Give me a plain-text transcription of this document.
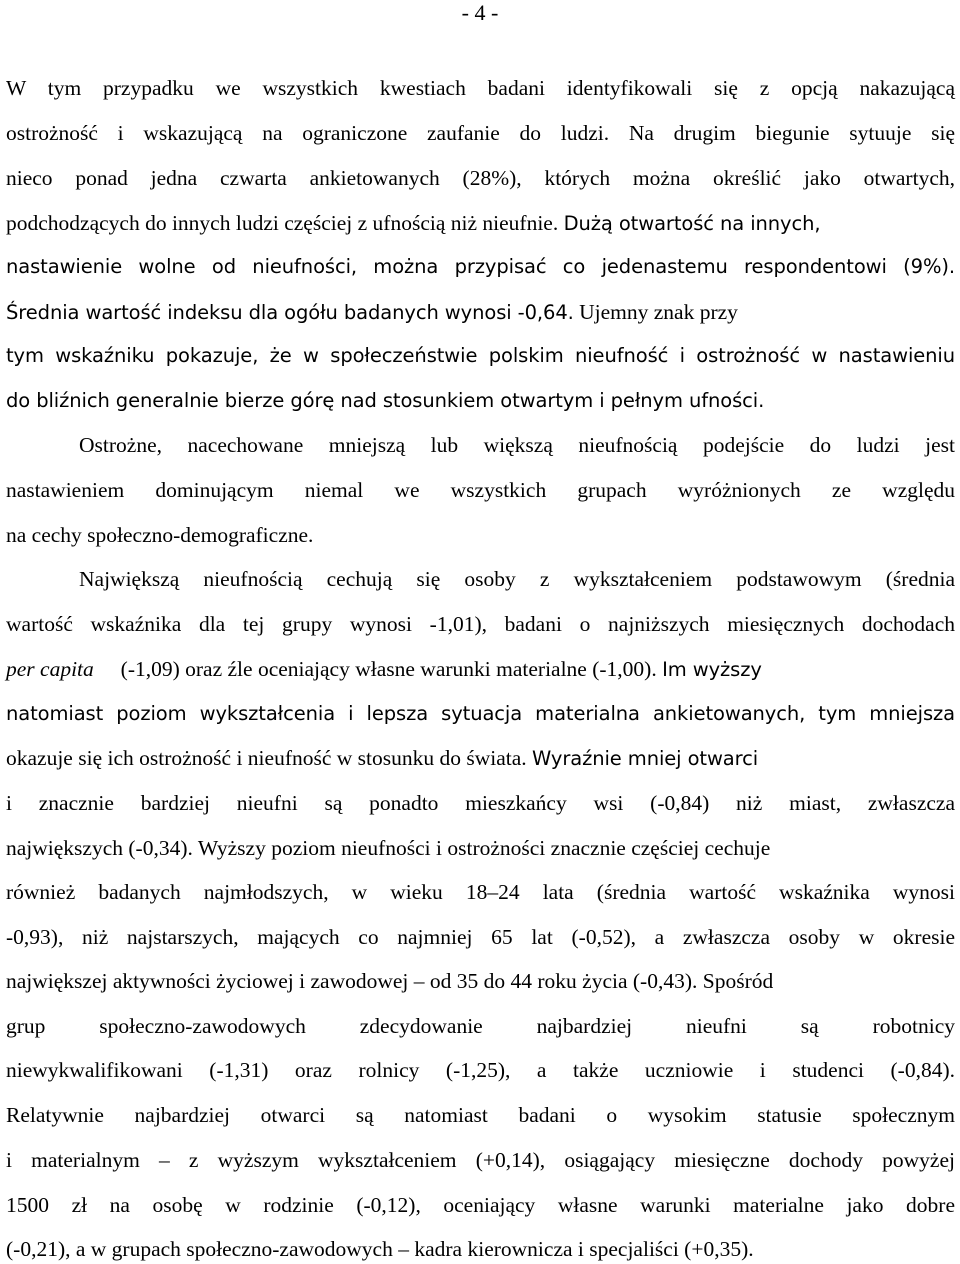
- 4 -
W tym przypadku we wszystkich kwestiach badani identyfikowali się z opcją nakazującą
ostrożność i wskazującą na ograniczone zaufanie do ludzi. Na drugim biegunie sytuuje się
nieco ponad jedna czwarta ankietowanych (28%), których można określić jako otwartych,
podchodzących do innych ludzi częściej z ufnością niż nieufnie. Dużą otwartość na innych,
nastawienie wolne od nieufności, można przypisać co jedenastemu respondentowi (9%).
Średnia wartość indeksu dla ogółu badanych wynosi -0,64. Ujemny znak przy
tym wskaźniku pokazuje, że w społeczeństwie polskim nieufność i ostrożność w nastawieniu
do bliźnich generalnie bierze górę nad stosunkiem otwartym i pełnym ufności.
Ostrożne, nacechowane mniejszą lub większą nieufnością podejście do ludzi jest
nastawieniem dominującym niemal we wszystkich grupach wyróżnionych ze względu
na cechy społeczno-demograficzne.
Największą nieufnością cechują się osoby z wykształceniem podstawowym (średnia
wartość wskaźnika dla tej grupy wynosi -1,01), badani o najniższych miesięcznych dochodach
per capita (-1,09) oraz źle oceniający własne warunki materialne (-1,00). Im wyższy
natomiast poziom wykształcenia i lepsza sytuacja materialna ankietowanych, tym mniejsza
okazuje się ich ostrożność i nieufność w stosunku do świata. Wyraźnie mniej otwarci
i znacznie bardziej nieufni są ponadto mieszkańcy wsi (-0,84) niż miast, zwłaszcza
największych (-0,34). Wyższy poziom nieufności i ostrożności znacznie częściej cechuje
również badanych najmłodszych, w wieku 18–24 lata (średnia wartość wskaźnika wynosi
-0,93), niż najstarszych, mających co najmniej 65 lat (-0,52), a zwłaszcza osoby w okresie
największej aktywności życiowej i zawodowej – od 35 do 44 roku życia (-0,43). Spośród
grup społeczno-zawodowych zdecydowanie najbardziej nieufni są robotnicy
niewykwalifikowani (-1,31) oraz rolnicy (-1,25), a także uczniowie i studenci (-0,84).
Relatywnie najbardziej otwarci są natomiast badani o wysokim statusie społecznym
i materialnym – z wyższym wykształceniem (+0,14), osiągający miesięczne dochody powyżej
1500 zł na osobę w rodzinie (-0,12), oceniający własne warunki materialne jako dobre
(-0,21), a w grupach społeczno-zawodowych – kadra kierownicza i specjaliści (+0,35).
